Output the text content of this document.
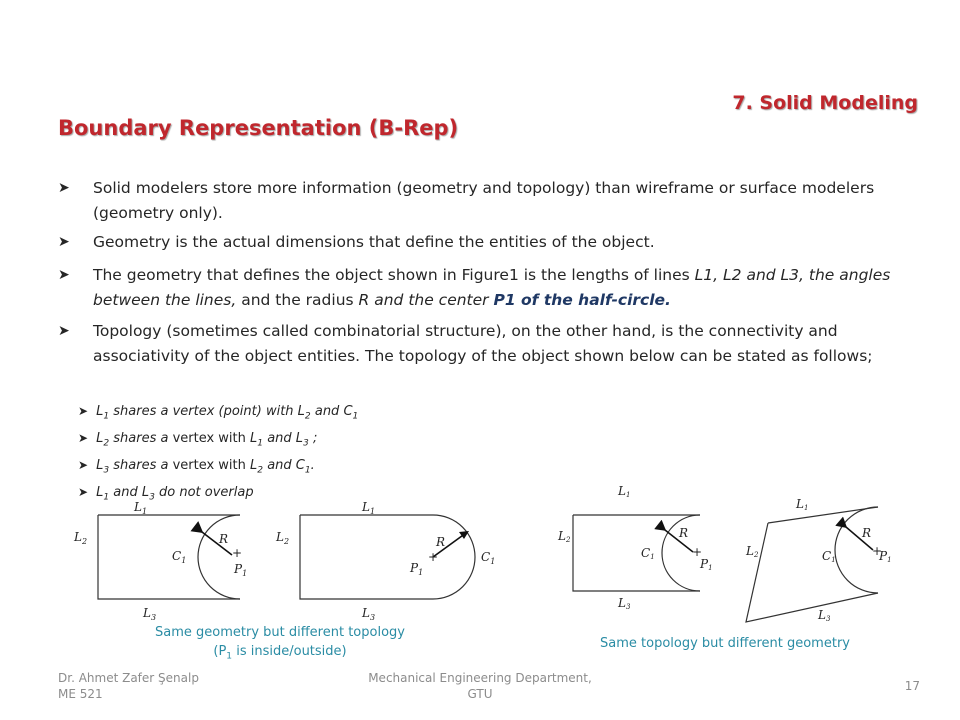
7. Solid Modeling
Boundary Representation (B-Rep)
➤	Solid modelers store more information (geometry and topology) than wireframe or surface modelers (geometry only).
➤	Geometry is the actual dimensions that define the entities of the object.
➤	The geometry that defines the object shown in Figure1 is the lengths of lines L1, L2 and L3, the angles between the lines, and the radius R and the center P1 of the half-circle.
➤	Topology (sometimes called combinatorial structure), on the other hand, is the connectivity and associativity of the object entities. The topology of the object shown below can be stated as follows;
➤ $L_1$ shares a vertex (point) with $L_2$ and $C_1$
➤ $L_2$ shares a vertex with $L_1$ and $L_3$ ;
➤ $L_3$ shares a vertex with $L_2$ and $C_1$.
➤ $L_1$ and $L_3$ do not overlap
$L_1$
$L_2$
$L_3$
$C_1$
R
+
$P_1$
$L_1$
$L_2$
$L_3$
R
+
$P_1$
$C_1$
L1
L2
L3
C1
R
+
P1
L1
L2
L3
C1
R
+
P1
Same geometry but different topology
($P_1$ is inside/outside)
Same topology but different geometry
Dr. Ahmet Zafer Şenalp
ME 521
Mechanical Engineering Department,
GTU
17
